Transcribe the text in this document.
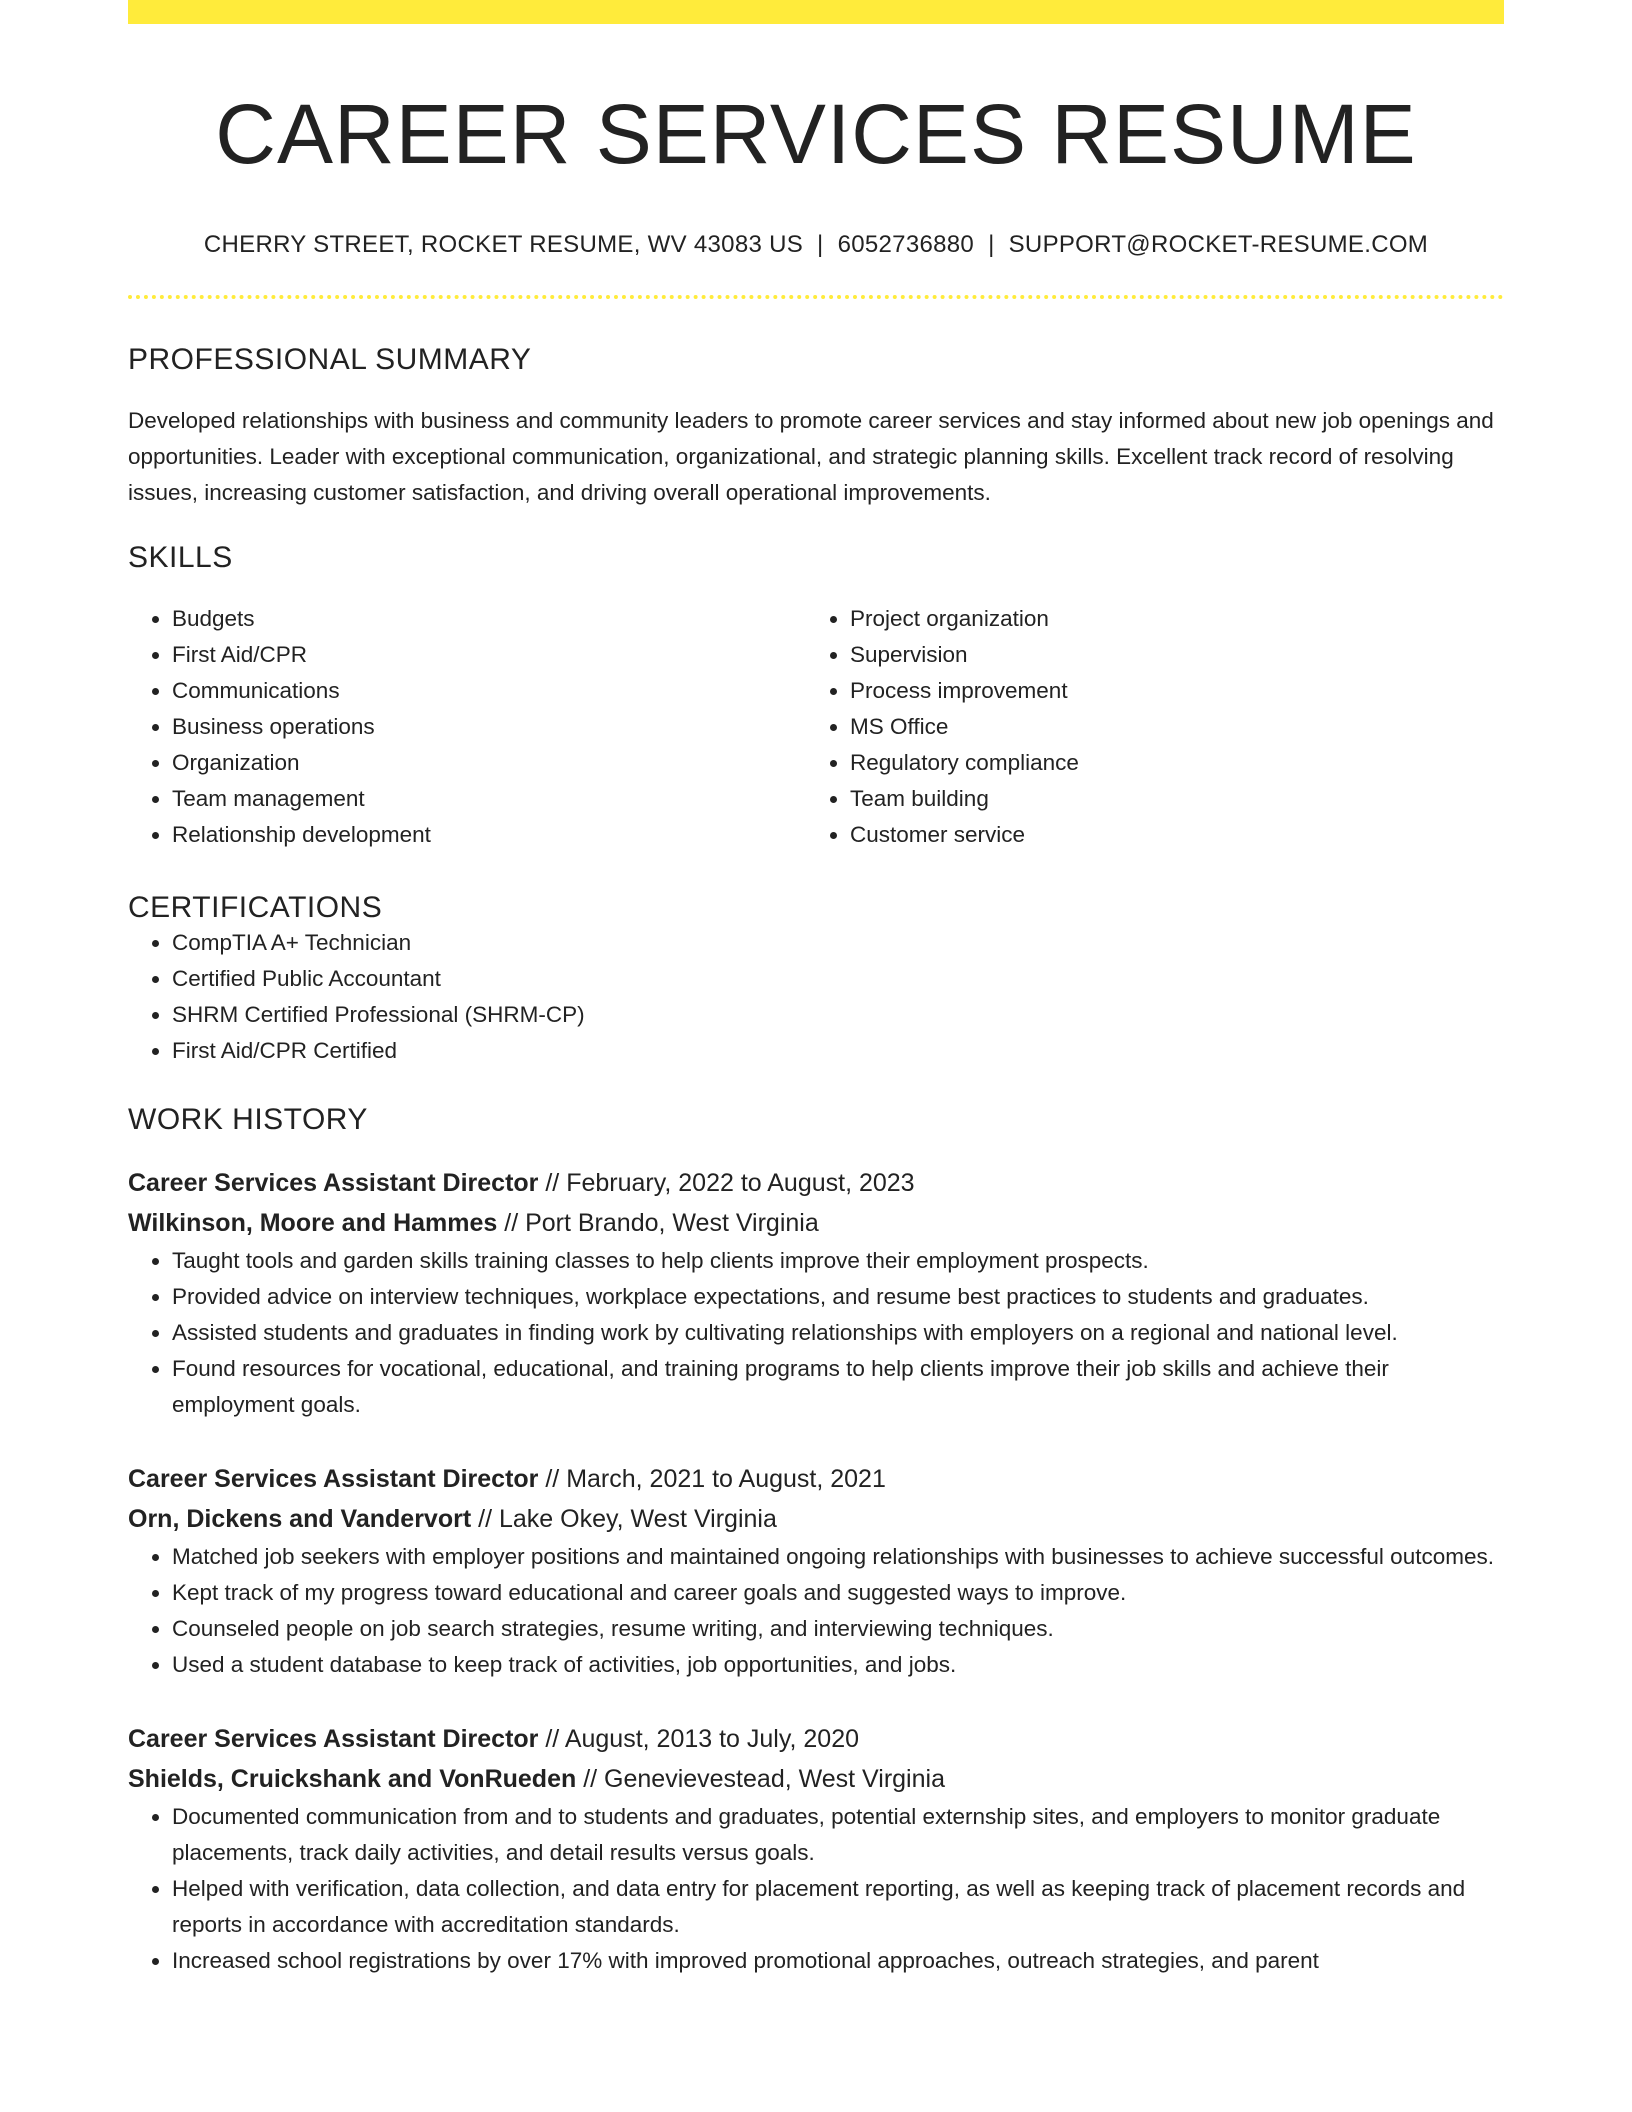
CAREER SERVICES RESUME
CHERRY STREET, ROCKET RESUME, WV 43083 US | 6052736880 | SUPPORT@ROCKET-RESUME.COM
PROFESSIONAL SUMMARY
Developed relationships with business and community leaders to promote career services and stay informed about new job openings and opportunities. Leader with exceptional communication, organizational, and strategic planning skills. Excellent track record of resolving issues, increasing customer satisfaction, and driving overall operational improvements.
SKILLS
• Budgets
• First Aid/CPR
• Communications
• Business operations
• Organization
• Team management
• Relationship development
• Project organization
• Supervision
• Process improvement
• MS Office
• Regulatory compliance
• Team building
• Customer service
CERTIFICATIONS
• CompTIA A+ Technician
• Certified Public Accountant
• SHRM Certified Professional (SHRM-CP)
• First Aid/CPR Certified
WORK HISTORY
Career Services Assistant Director // February, 2022 to August, 2023
Wilkinson, Moore and Hammes // Port Brando, West Virginia
• Taught tools and garden skills training classes to help clients improve their employment prospects.
• Provided advice on interview techniques, workplace expectations, and resume best practices to students and graduates.
• Assisted students and graduates in finding work by cultivating relationships with employers on a regional and national level.
• Found resources for vocational, educational, and training programs to help clients improve their job skills and achieve their employment goals.
Career Services Assistant Director // March, 2021 to August, 2021
Orn, Dickens and Vandervort // Lake Okey, West Virginia
• Matched job seekers with employer positions and maintained ongoing relationships with businesses to achieve successful outcomes.
• Kept track of my progress toward educational and career goals and suggested ways to improve.
• Counseled people on job search strategies, resume writing, and interviewing techniques.
• Used a student database to keep track of activities, job opportunities, and jobs.
Career Services Assistant Director // August, 2013 to July, 2020
Shields, Cruickshank and VonRueden // Genevievestead, West Virginia
• Documented communication from and to students and graduates, potential externship sites, and employers to monitor graduate placements, track daily activities, and detail results versus goals.
• Helped with verification, data collection, and data entry for placement reporting, as well as keeping track of placement records and reports in accordance with accreditation standards.
• Increased school registrations by over 17% with improved promotional approaches, outreach strategies, and parent
